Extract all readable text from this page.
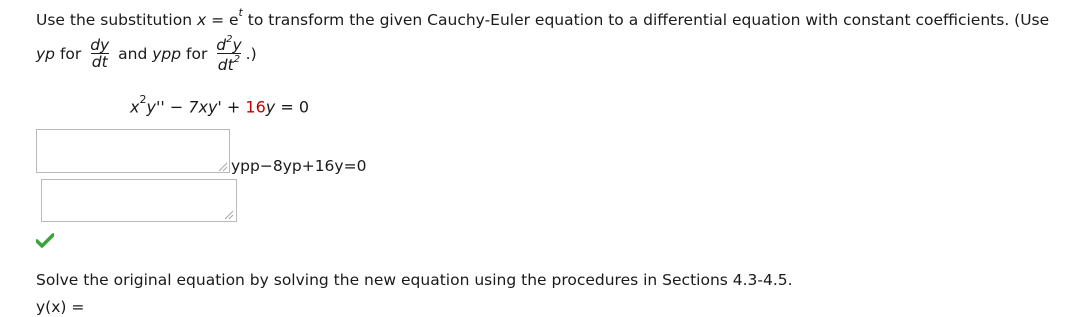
Use the substitution $x = e^t$ to transform the given Cauchy-Euler equation to a differential equation with constant coefficients. (Use
yp for $\frac{dy}{dt}$ and ypp for $\frac{d^2y}{dt^2}$ .)
$x^2y'' - 7xy' + 16y = 0$
ypp−8yp+16y=0
Solve the original equation by solving the new equation using the procedures in Sections 4.3-4.5.
y(x) =
